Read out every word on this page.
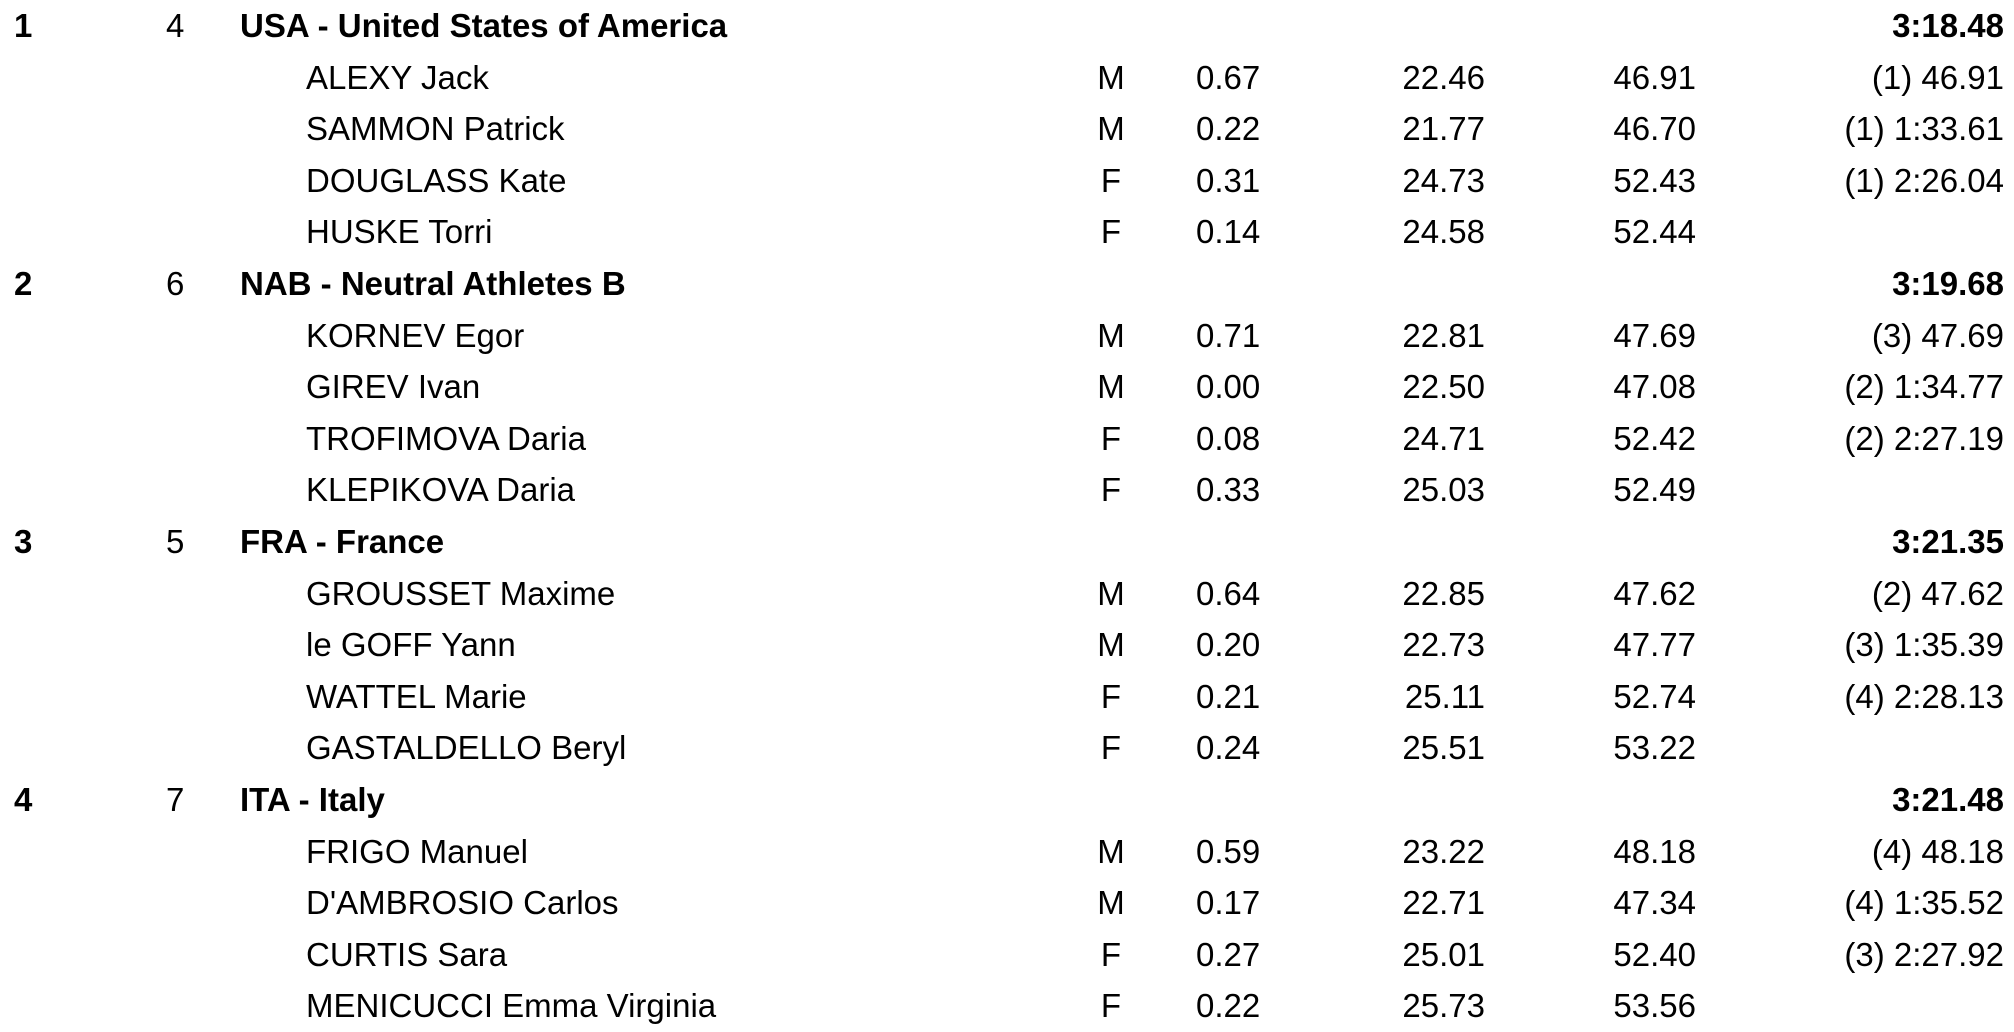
1	4 USA - United States of America	3:18.48
ALEXY Jack	M 0.67	22.46	46.91	(1) 46.91
SAMMON Patrick	M 0.22	21.77	46.70	(1) 1:33.61
DOUGLASS Kate	F 0.31	24.73	52.43	(1) 2:26.04
HUSKE Torri	F 0.14	24.58	52.44
2	6 NAB - Neutral Athletes B	3:19.68
KORNEV Egor	M 0.71	22.81	47.69	(3) 47.69
GIREV Ivan	M 0.00	22.50	47.08	(2) 1:34.77
TROFIMOVA Daria	F 0.08	24.71	52.42	(2) 2:27.19
KLEPIKOVA Daria	F 0.33	25.03	52.49
3	5 FRA - France	3:21.35
GROUSSET Maxime	M 0.64	22.85	47.62	(2) 47.62
le GOFF Yann	M 0.20	22.73	47.77	(3) 1:35.39
WATTEL Marie	F 0.21	25.11	52.74	(4) 2:28.13
GASTALDELLO Beryl	F 0.24	25.51	53.22
4	7 ITA - Italy	3:21.48
FRIGO Manuel	M 0.59	23.22	48.18	(4) 48.18
D'AMBROSIO Carlos	M 0.17	22.71	47.34	(4) 1:35.52
CURTIS Sara	F 0.27	25.01	52.40	(3) 2:27.92
MENICUCCI Emma Virginia	F 0.22	25.73	53.56
